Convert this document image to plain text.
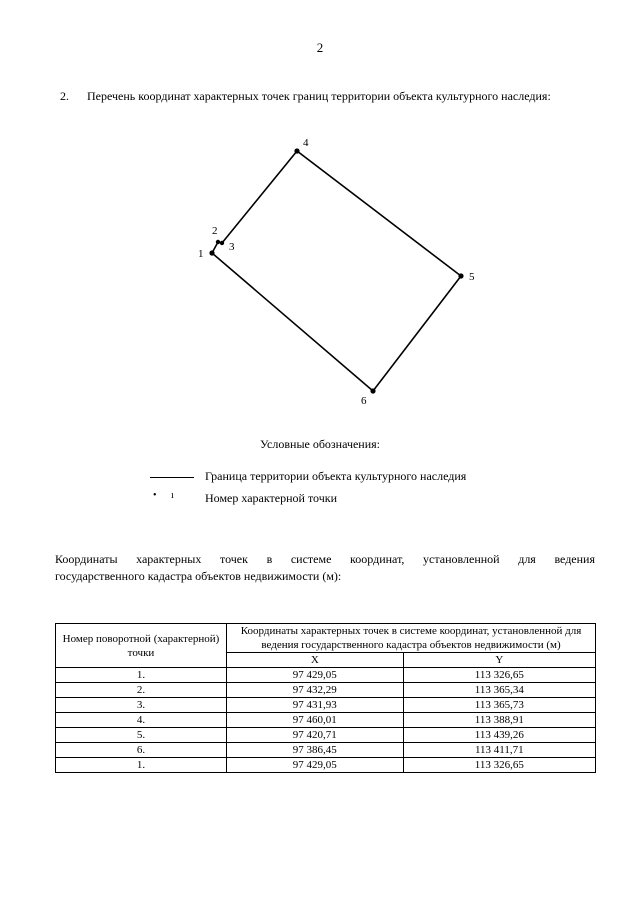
2
2. Перечень координат характерных точек границ территории объекта культурного наследия:
1
2
3
4
5
6
Условные обозначения:
Граница территории объекта культурного наследия
• ı Номер характерной точки
Координаты характерных точек в системе координат, установленной для ведения
государственного кадастра объектов недвижимости (м):
Номер поворотной (характерной) точки	Координаты характерных точек в системе координат, установленной для ведения государственного кадастра объектов недвижимости (м)	
	X	Y
1.	97 429,05	113 326,65
2.	97 432,29	113 365,34
3.	97 431,93	113 365,73
4.	97 460,01	113 388,91
5.	97 420,71	113 439,26
6.	97 386,45	113 411,71
1.	97 429,05	113 326,65
